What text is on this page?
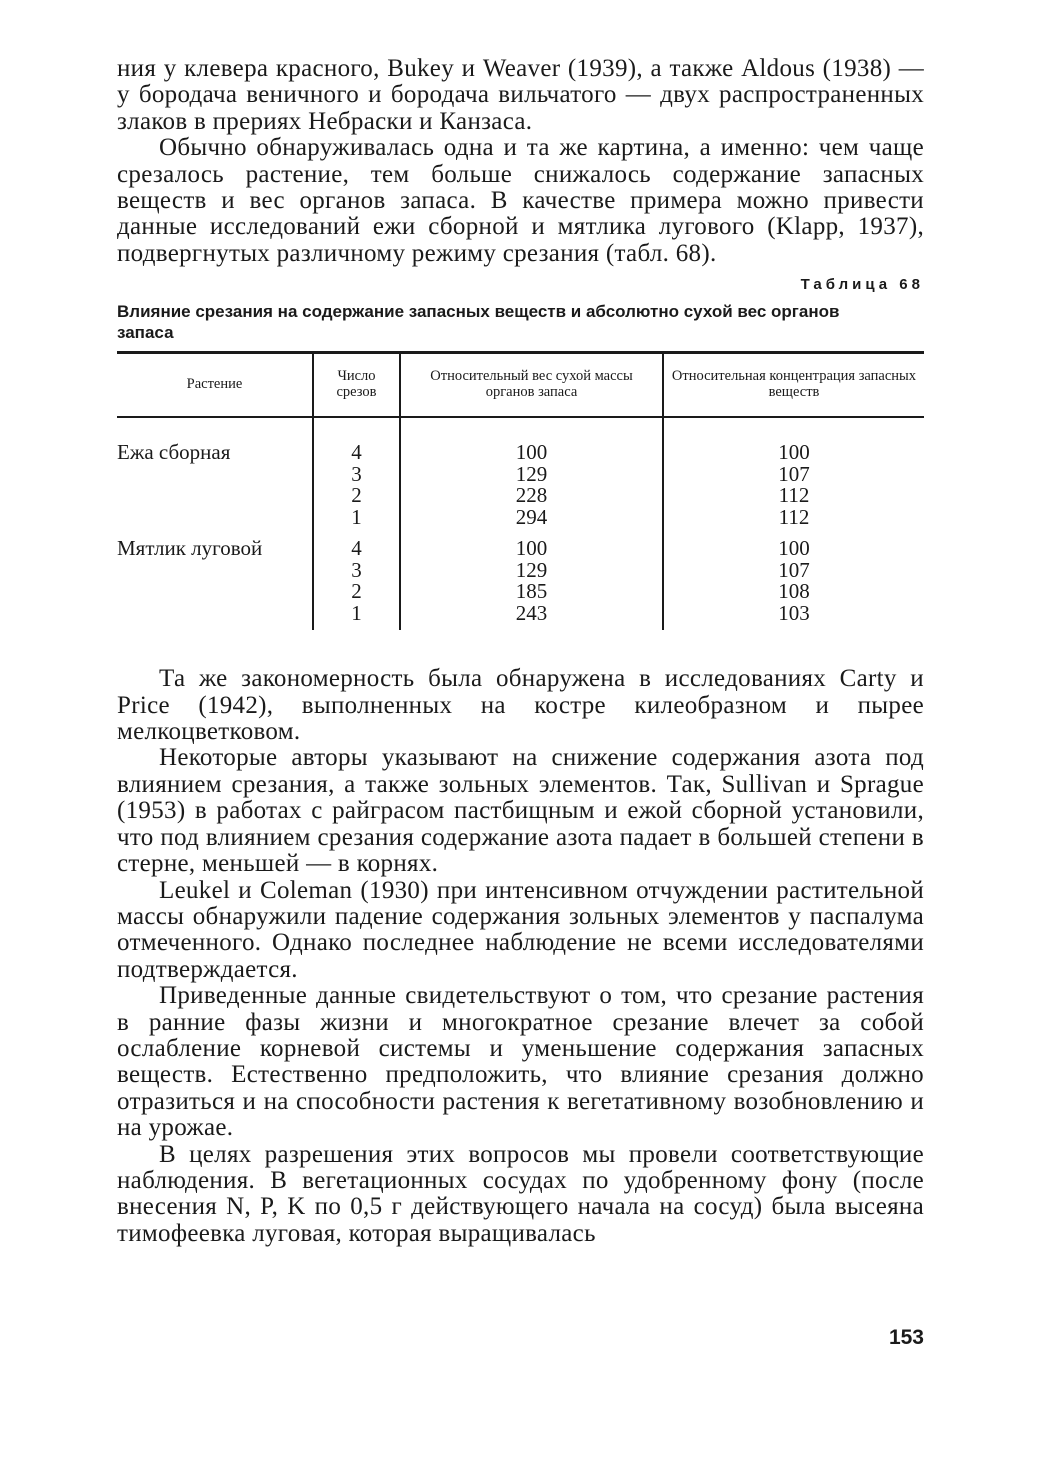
ния у клевера красного, Bukey и Weaver (1939), а также Aldous (1938) — у бородача веничного и бородача вильчатого — двух распространенных злаков в прериях Небраски и Канзаса.

Обычно обнаруживалась одна и та же картина, а именно: чем чаще срезалось растение, тем больше снижалось содержание запасных веществ и вес органов запаса. В качестве примера можно привести данные исследований ежи сборной и мятлика лугового (Klapp, 1937), подвергнутых различному режиму срезания (табл. 68).

Таблица 68
Влияние срезания на содержание запасных веществ и абсолютно сухой вес органов запаса
Растение	Число срезов	Относительный вес сухой массы органов запаса	Относительная концентрация запасных веществ
Ежа сборная	4	100	100
	3	129	107
	2	228	112
	1	294	112
Мятлик луговой	4	100	100
	3	129	107
	2	185	108
	1	243	103

Та же закономерность была обнаружена в исследованиях Carty и Price (1942), выполненных на костре килеобразном и пырее мелкоцветковом.

Некоторые авторы указывают на снижение содержания азота под влиянием срезания, а также зольных элементов. Так, Sullivan и Sprague (1953) в работах с райграсом пастбищным и ежой сборной установили, что под влиянием срезания содержание азота падает в большей степени в стерне, меньшей — в корнях.

Leukel и Coleman (1930) при интенсивном отчуждении растительной массы обнаружили падение содержания зольных элементов у паспалума отмеченного. Однако последнее наблюдение не всеми исследователями подтверждается.

Приведенные данные свидетельствуют о том, что срезание растения в ранние фазы жизни и многократное срезание влечет за собой ослабление корневой системы и уменьшение содержания запасных веществ. Естественно предположить, что влияние срезания должно отразиться и на способности растения к вегетативному возобновлению и на урожае.

В целях разрешения этих вопросов мы провели соответствующие наблюдения. В вегетационных сосудах по удобренному фону (после внесения N, P, K по 0,5 г действующего начала на сосуд) была высеяна тимофеевка луговая, которая выращивалась

153
